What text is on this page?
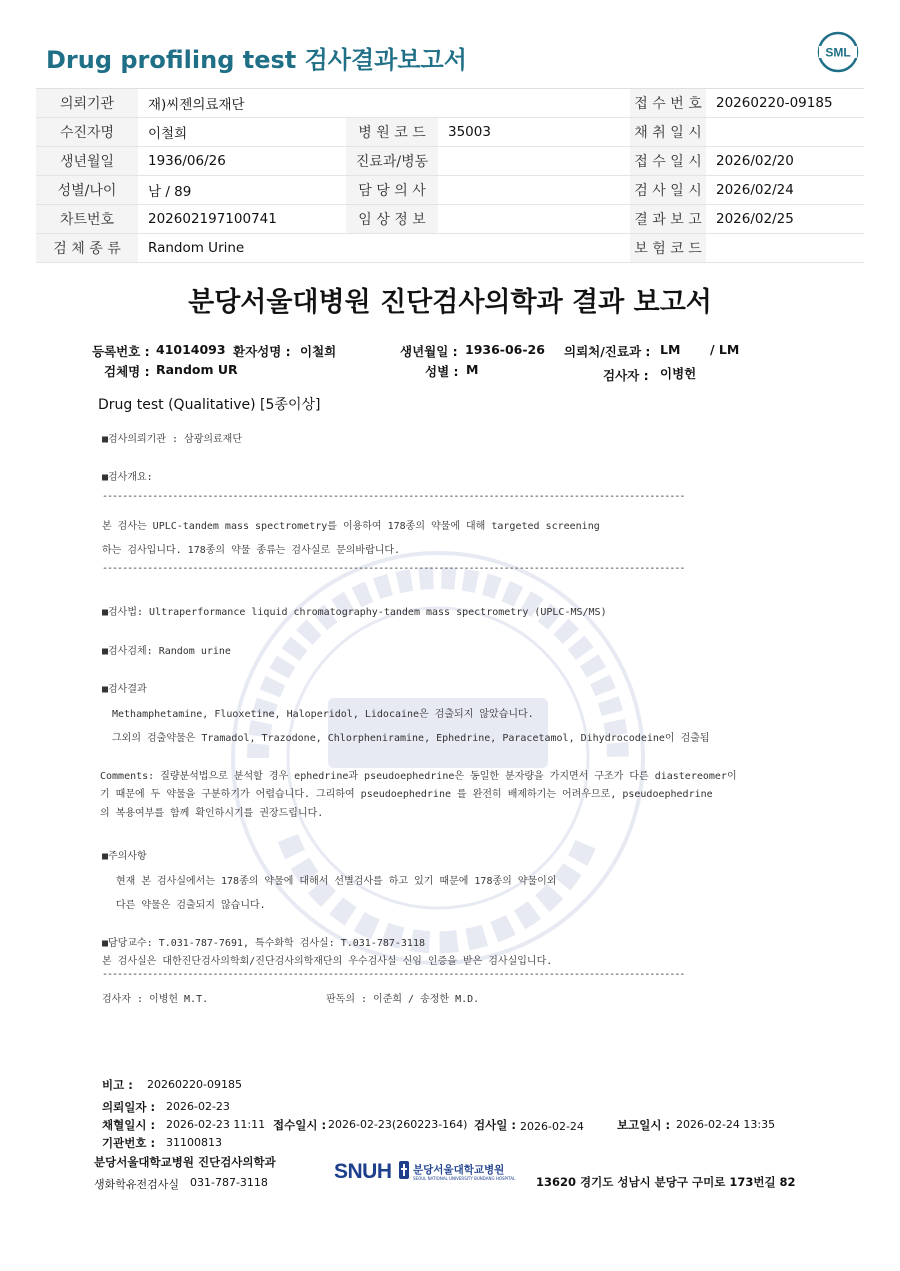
Drug profiling test 검사결과보고서	SML
의뢰기관	재)씨젠의료재단			접 수 번 호	20260220-09185
수진자명	이철희	병 원 코 드	35003	채 취 일 시	
생년월일	1936/06/26	진료과/병동		접 수 일 시	2026/02/20
성별/나이	남 / 89	담 당 의 사		검 사 일 시	2026/02/24
차트번호	202602197100741	임 상 정 보		결 과 보 고	2026/02/25
검 체 종 류	Random Urine			보 험 코 드	
분당서울대병원 진단검사의학과 결과 보고서
등록번호 : 41014093 환자성명 : 이철희	생년월일 : 1936-06-26 의뢰처/진료과 : LM / LM
검체명 : Random UR	성별 : M	검사자 : 이병헌
Drug test (Qualitative) [5종이상]
■검사의뢰기관 : 삼광의료재단
■검사개요:
--------------------------------------------------------------------------------------------------------------------
본 검사는 UPLC-tandem mass spectrometry를 이용하여 178종의 약물에 대해 targeted screening
하는 검사입니다. 178종의 약물 종류는 검사실로 문의바랍니다.
--------------------------------------------------------------------------------------------------------------------
■검사법: Ultraperformance liquid chromatography-tandem mass spectrometry (UPLC-MS/MS)
■검사검체: Random urine
■검사결과
Methamphetamine, Fluoxetine, Haloperidol, Lidocaine은 검출되지 않았습니다.
그외의 검출약물은 Tramadol, Trazodone, Chlorpheniramine, Ephedrine, Paracetamol, Dihydrocodeine이 검출됨
Comments: 질량분석법으로 분석할 경우 ephedrine과 pseudoephedrine은 동일한 분자량을 가지면서 구조가 다른 diastereomer이
기 때문에 두 약물을 구분하기가 어렵습니다. 그리하여 pseudoephedrine 를 완전히 배제하기는 어려우므로, pseudoephedrine
의 복용여부를 함께 확인하시기를 권장드립니다.
■주의사항
현재 본 검사실에서는 178종의 약물에 대해서 선별검사를 하고 있기 때문에 178종의 약물이외
다른 약물은 검출되지 않습니다.
■담당교수: T.031-787-7691, 특수화학 검사실: T.031-787-3118
본 검사실은 대한진단검사의학회/진단검사의학재단의 우수검사실 신임 인증을 받은 검사실입니다.
--------------------------------------------------------------------------------------------------------------------
검사자 : 이병헌 M.T.	판독의 : 이준희 / 송정한 M.D.
비고 : 20260220-09185
의뢰일자 : 2026-02-23
채혈일시 : 2026-02-23 11:11 접수일시 : 2026-02-23(260223-164) 검사일 : 2026-02-24	보고일시 : 2026-02-24 13:35
기관번호 : 31100813
분당서울대학교병원 진단검사의학과
생화학유전검사실 031-787-3118	SNUH 분당서울대학교병원
SEOUL NATIONAL UNIVERSITY BUNDANG HOSPITAL 13620 경기도 성남시 분당구 구미로 173번길 82
